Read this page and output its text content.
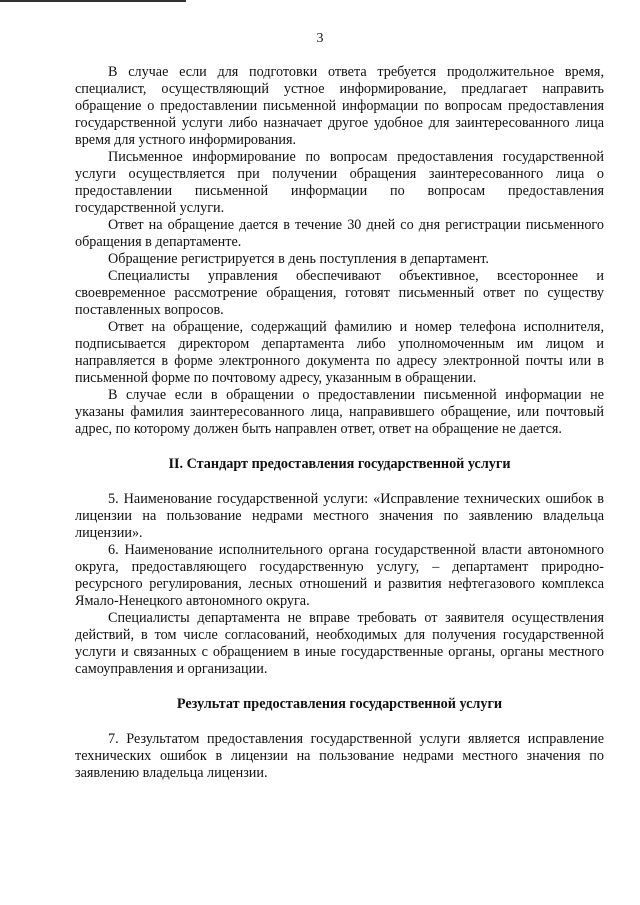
3

В случае если для подготовки ответа требуется продолжительное время, специалист, осуществляющий устное информирование, предлагает направить обращение о предоставлении письменной информации по вопросам предоставления государственной услуги либо назначает другое удобное для заинтересованного лица время для устного информирования.

Письменное информирование по вопросам предоставления государственной услуги осуществляется при получении обращения заинтересованного лица о предоставлении письменной информации по вопросам предоставления государственной услуги.

Ответ на обращение дается в течение 30 дней со дня регистрации письменного обращения в департаменте.

Обращение регистрируется в день поступления в департамент.

Специалисты управления обеспечивают объективное, всестороннее и своевременное рассмотрение обращения, готовят письменный ответ по существу поставленных вопросов.

Ответ на обращение, содержащий фамилию и номер телефона исполнителя, подписывается директором департамента либо уполномоченным им лицом и направляется в форме электронного документа по адресу электронной почты или в письменной форме по почтовому адресу, указанным в обращении.

В случае если в обращении о предоставлении письменной информации не указаны фамилия заинтересованного лица, направившего обращение, или почтовый адрес, по которому должен быть направлен ответ, ответ на обращение не дается.

II. Стандарт предоставления государственной услуги

5. Наименование государственной услуги: «Исправление технических ошибок в лицензии на пользование недрами местного значения по заявлению владельца лицензии».

6. Наименование исполнительного органа государственной власти автономного округа, предоставляющего государственную услугу, – департамент природно-ресурсного регулирования, лесных отношений и развития нефтегазового комплекса Ямало-Ненецкого автономного округа.

Специалисты департамента не вправе требовать от заявителя осуществления действий, в том числе согласований, необходимых для получения государственной услуги и связанных с обращением в иные государственные органы, органы местного самоуправления и организации.

Результат предоставления государственной услуги

7. Результатом предоставления государственной услуги является исправление технических ошибок в лицензии на пользование недрами местного значения по заявлению владельца лицензии.
